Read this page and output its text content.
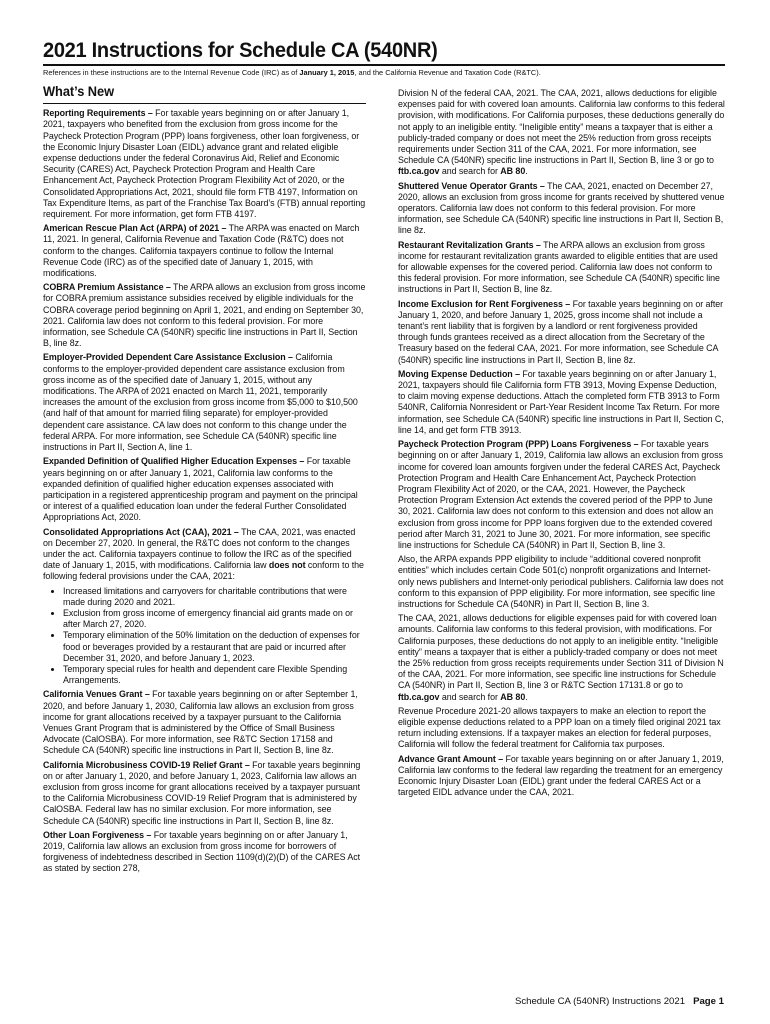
2021 Instructions for Schedule CA (540NR)
References in these instructions are to the Internal Revenue Code (IRC) as of January 1, 2015, and the California Revenue and Taxation Code (R&TC).
What’s New

Reporting Requirements – For taxable years beginning on or after January 1, 2021, taxpayers who benefited from the exclusion from gross income for the Paycheck Protection Program (PPP) loans forgiveness, other loan forgiveness, or the Economic Injury Disaster Loan (EIDL) advance grant and related eligible expense deductions under the federal Coronavirus Aid, Relief and Economic Security (CARES) Act, Paycheck Protection Program and Health Care Enhancement Act, Paycheck Protection Program Flexibility Act of 2020, or the Consolidated Appropriations Act, 2021, should file form FTB 4197, Information on Tax Expenditure Items, as part of the Franchise Tax Board’s (FTB) annual reporting requirement. For more information, get form FTB 4197.

American Rescue Plan Act (ARPA) of 2021 – The ARPA was enacted on March 11, 2021. In general, California Revenue and Taxation Code (R&TC) does not conform to the changes. California taxpayers continue to follow the Internal Revenue Code (IRC) as of the specified date of January 1, 2015, with modifications.

COBRA Premium Assistance – The ARPA allows an exclusion from gross income for COBRA premium assistance subsidies received by eligible individuals for the COBRA coverage period beginning on April 1, 2021, and ending on September 30, 2021. California law does not conform to this federal provision. For more information, see Schedule CA (540NR) specific line instructions in Part II, Section B, line 8z.

Employer-Provided Dependent Care Assistance Exclusion – California conforms to the employer-provided dependent care assistance exclusion from gross income as of the specified date of January 1, 2015, without any modifications. The ARPA of 2021 enacted on March 11, 2021, temporarily increases the amount of the exclusion from gross income from $5,000 to $10,500 (and half of that amount for married filing separate) for employer-provided dependent care assistance. CA law does not conform to this change under the federal ARPA. For more information, see Schedule CA (540NR) specific line instructions in Part II, Section A, line 1.

Expanded Definition of Qualified Higher Education Expenses – For taxable years beginning on or after January 1, 2021, California law conforms to the expanded definition of qualified higher education expenses associated with participation in a registered apprenticeship program and payment on the principal or interest of a qualified education loan under the federal Further Consolidated Appropriations Act, 2020.

Consolidated Appropriations Act (CAA), 2021 – The CAA, 2021, was enacted on December 27, 2020. In general, the R&TC does not conform to the changes under the act. California taxpayers continue to follow the IRC as of the specified date of January 1, 2015, with modifications. California law does not conform to the following federal provisions under the CAA, 2021:

• Increased limitations and carryovers for charitable contributions that were made during 2020 and 2021.
• Exclusion from gross income of emergency financial aid grants made on or after March 27, 2020.
• Temporary elimination of the 50% limitation on the deduction of expenses for food or beverages provided by a restaurant that are paid or incurred after December 31, 2020, and before January 1, 2023.
• Temporary special rules for health and dependent care Flexible Spending Arrangements.

California Venues Grant – For taxable years beginning on or after September 1, 2020, and before January 1, 2030, California law allows an exclusion from gross income for grant allocations received by a taxpayer pursuant to the California Venues Grant Program that is administered by the Office of Small Business Advocate (CalOSBA). For more information, see R&TC Section 17158 and Schedule CA (540NR) specific line instructions in Part II, Section B, line 8z.

California Microbusiness COVID-19 Relief Grant – For taxable years beginning on or after January 1, 2020, and before January 1, 2023, California law allows an exclusion from gross income for grant allocations received by a taxpayer pursuant to the California Microbusiness COVID-19 Relief Program that is administered by CalOSBA. Federal law has no similar exclusion. For more information, see Schedule CA (540NR) specific line instructions in Part II, Section B, line 8z.

Other Loan Forgiveness – For taxable years beginning on or after January 1, 2019, California law allows an exclusion from gross income for borrowers of forgiveness of indebtedness described in Section 1109(d)(2)(D) of the CARES Act as stated by section 278,

Division N of the federal CAA, 2021. The CAA, 2021, allows deductions for eligible expenses paid for with covered loan amounts. California law conforms to this federal provision, with modifications. For California purposes, these deductions generally do not apply to an ineligible entity. “Ineligible entity” means a taxpayer that is either a publicly-traded company or does not meet the 25% reduction from gross receipts requirements under Section 311 of the CAA, 2021. For more information, see Schedule CA (540NR) specific line instructions in Part II, Section B, line 3 or go to ftb.ca.gov and search for AB 80.

Shuttered Venue Operator Grants – The CAA, 2021, enacted on December 27, 2020, allows an exclusion from gross income for grants received by shuttered venue operators. California law does not conform to this federal provision. For more information, see Schedule CA (540NR) specific line instructions in Part II, Section B, line 8z.

Restaurant Revitalization Grants – The ARPA allows an exclusion from gross income for restaurant revitalization grants awarded to eligible entities that are used for allowable expenses for the covered period. California law does not conform to this federal provision. For more information, see Schedule CA (540NR) specific line instructions in Part II, Section B, line 8z.

Income Exclusion for Rent Forgiveness – For taxable years beginning on or after January 1, 2020, and before January 1, 2025, gross income shall not include a tenant’s rent liability that is forgiven by a landlord or rent forgiveness provided through funds grantees received as a direct allocation from the Secretary of the Treasury based on the federal CAA, 2021. For more information, see Schedule CA (540NR) specific line instructions in Part II, Section B, line 8z.

Moving Expense Deduction – For taxable years beginning on or after January 1, 2021, taxpayers should file California form FTB 3913, Moving Expense Deduction, to claim moving expense deductions. Attach the completed form FTB 3913 to Form 540NR, California Nonresident or Part-Year Resident Income Tax Return. For more information, see Schedule CA (540NR) specific line instructions in Part II, Section C, line 14, and get form FTB 3913.

Paycheck Protection Program (PPP) Loans Forgiveness – For taxable years beginning on or after January 1, 2019, California law allows an exclusion from gross income for covered loan amounts forgiven under the federal CARES Act, Paycheck Protection Program and Health Care Enhancement Act, Paycheck Protection Program Flexibility Act of 2020, or the CAA, 2021. However, the Paycheck Protection Program Extension Act extends the covered period of the PPP to June 30, 2021. California law does not conform to this extension and does not allow an exclusion from gross income for PPP loans forgiven due to the extended covered period after March 31, 2021 to June 30, 2021. For more information, see specific line instructions for Schedule CA (540NR) in Part II, Section B, line 3.

Also, the ARPA expands PPP eligibility to include “additional covered nonprofit entities” which includes certain Code 501(c) nonprofit organizations and Internet-only news publishers and Internet-only periodical publishers. California law does not conform to this expansion of PPP eligibility. For more information, see specific line instructions for Schedule CA (540NR) in Part II, Section B, line 3.

The CAA, 2021, allows deductions for eligible expenses paid for with covered loan amounts. California law conforms to this federal provision, with modifications. For California purposes, these deductions do not apply to an ineligible entity. “Ineligible entity” means a taxpayer that is either a publicly-traded company or does not meet the 25% reduction from gross receipts requirements under Section 311 of Division N of the CAA, 2021. For more information, see specific line instructions for Schedule CA (540NR) in Part II, Section B, line 3 or R&TC Section 17131.8 or go to ftb.ca.gov and search for AB 80.

Revenue Procedure 2021-20 allows taxpayers to make an election to report the eligible expense deductions related to a PPP loan on a timely filed original 2021 tax return including extensions. If a taxpayer makes an election for federal purposes, California will follow the federal treatment for California tax purposes.

Advance Grant Amount – For taxable years beginning on or after January 1, 2019, California law conforms to the federal law regarding the treatment for an emergency Economic Injury Disaster Loan (EIDL) grant under the federal CARES Act or a targeted EIDL advance under the CAA, 2021.

Schedule CA (540NR) Instructions 2021 Page 1
